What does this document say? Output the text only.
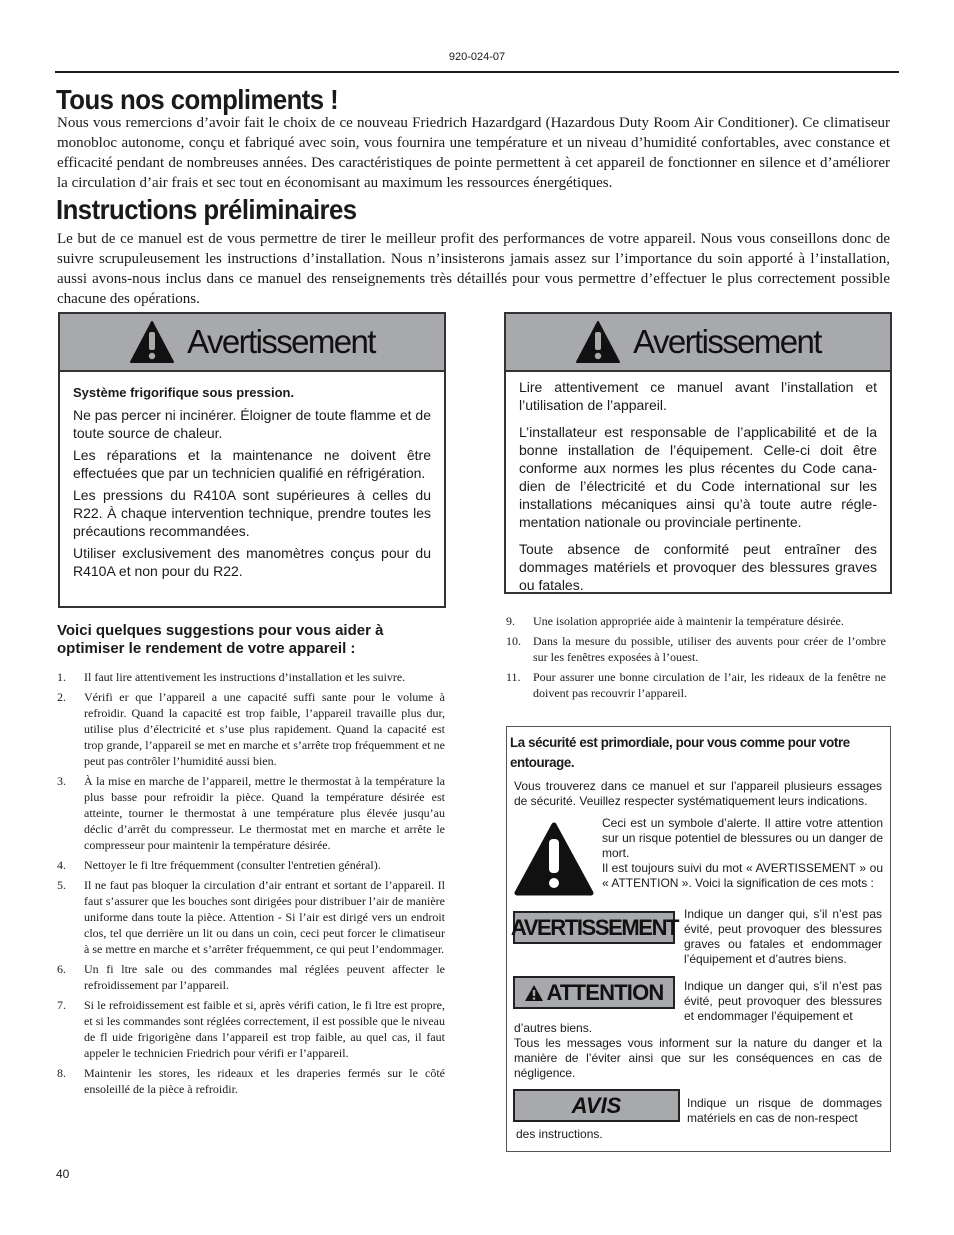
920-024-07
Tous nos compliments !
Nous vous remercions d’avoir fait le choix de ce nouveau Friedrich Hazardgard (Hazardous Duty Room Air Conditioner). Ce climatiseur monobloc autonome, conçu et fabriqué avec soin, vous fournira une température et un niveau d’humidité confortables, avec constance et efficacité pendant de nombreuses années. Des caractéristiques de pointe permettent à cet appareil de fonctionner en silence et d’améliorer la circulation d’air frais et sec tout en économisant au maximum les ressources énergétiques.
Instructions préliminaires
Le but de ce manuel est de vous permettre de tirer le meilleur profit des performances de votre appareil. Nous vous conseillons donc de suivre scrupuleusement les instructions d’installation. Nous n’insisterons jamais assez sur l’importance du soin apporté à l’installation, aussi avons-nous inclus dans ce manuel des renseignements très détaillés pour vous permettre d’effectuer le plus correctement possible chacune des opérations.
Avertissement

Système frigorifique sous pression.

Ne pas percer ni incinérer. Éloigner de toute flamme et de toute source de chaleur.

Les réparations et la maintenance ne doivent être effectuées que par un technicien qualifié en réfrigération.

Les pressions du R410A sont supérieures à celles du R22. À chaque intervention technique, prendre toutes les précautions recommandées.

Utiliser exclusivement des manomètres conçus pour du R410A et non pour du R22.

Avertissement

Lire attentivement ce manuel avant l’installation et l’utilisation de l’appareil.

L’installateur est responsable de l’applicabilité et de la bonne installation de l’équipement. Celle-ci doit être conforme aux normes les plus récentes du Code canadien de l’électricité et du Code international sur les installations mécaniques ainsi qu’à toute autre réglementation nationale ou provinciale pertinente.

Toute absence de conformité peut entraîner des dommages matériels et provoquer des blessures graves ou fatales.

Voici quelques suggestions pour vous aider à optimiser le rendement de votre appareil :
1. Il faut lire attentivement les instructions d’installation et les suivre.
2. Vérifi er que l’appareil a une capacité suffi sante pour le volume à refroidir. Quand la capacité est trop faible, l’appareil travaille plus dur, utilise plus d’électricité et s’use plus rapidement. Quand la capacité est trop grande, l’appareil se met en marche et s’arrête trop fréquemment et ne peut pas contrôler l’humidité aussi bien.
3. À la mise en marche de l’appareil, mettre le thermostat à la température la plus basse pour refroidir la pièce. Quand la température désirée est atteinte, tourner le thermostat à une température plus élevée jusqu’au déclic d’arrêt du compresseur. Le thermostat met en marche et arrête le compresseur pour maintenir la température désirée.
4. Nettoyer le fi ltre fréquemment (consulter l'entretien général).
5. Il ne faut pas bloquer la circulation d’air entrant et sortant de l’appareil. Il faut s’assurer que les bouches sont dirigées pour distribuer l’air de manière uniforme dans toute la pièce. Attention - Si l’air est dirigé vers un endroit clos, tel que derrière un lit ou dans un coin, ceci peut forcer le climatiseur à se mettre en marche et s’arrêter fréquemment, ce qui peut l’endommager.
6. Un fi ltre sale ou des commandes mal réglées peuvent affecter le refroidissement par l’appareil.
7. Si le refroidissement est faible et si, après vérifi cation, le fi ltre est propre, et si les commandes sont réglées correctement, il est possible que le niveau de fl uide frigorigène dans l’appareil est trop faible, au quel cas, il faut appeler le technicien Friedrich pour vérifi er l’appareil.
8. Maintenir les stores, les rideaux et les draperies fermés sur le côté ensoleillé de la pièce à refroidir.
9. Une isolation appropriée aide à maintenir la température désirée.
10. Dans la mesure du possible, utiliser des auvents pour créer de l’ombre sur les fenêtres exposées à l’ouest.
11. Pour assurer une bonne circulation de l’air, les rideaux de la fenêtre ne doivent pas recouvrir l’appareil.
La sécurité est primordiale, pour vous comme pour votre entourage.
Vous trouverez dans ce manuel et sur l’appareil plusieurs essages de sécurité. Veuillez respecter systématiquement leurs indications.
Ceci est un symbole d’alerte. Il attire votre attention sur un risque potentiel de blessures ou un danger de mort.
Il est toujours suivi du mot « AVERTISSEMENT » ou « ATTENTION ». Voici la signification de ces mots :
AVERTISSEMENT
Indique un danger qui, s’il n’est pas évité, peut provoquer des blessures graves ou fatales et endommager l’équipement et d’autres biens.
ATTENTION Indique un danger qui, s’il n’est pas évité, peut provoquer des blessures et endommager l’équipement et
d’autres biens.
Tous les messages vous informent sur la nature du danger et la manière de l’éviter ainsi que sur les conséquences en cas de négligence.
AVIS	Indique un risque de dommages matériels en cas de non-respect
des instructions.
40
